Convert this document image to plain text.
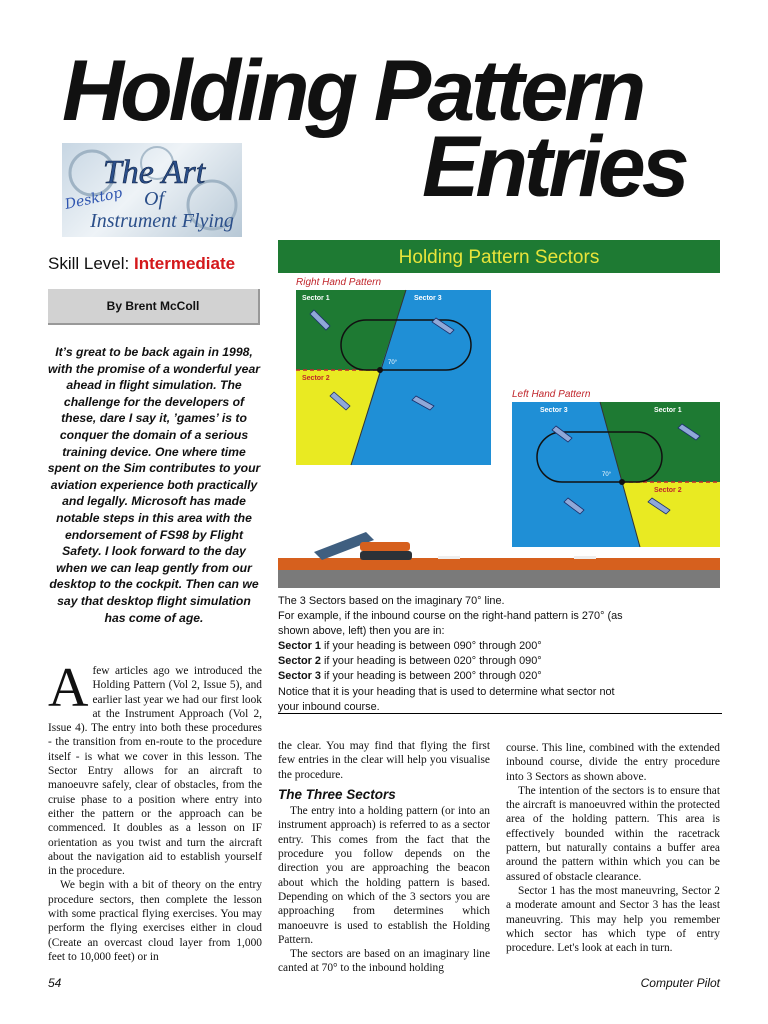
Holding Pattern
Entries
The Art
Of
Instrument Flying
Desktop
Skill Level: Intermediate
By Brent McColl
It’s great to be back again in 1998, with the promise of a wonderful year ahead in flight simulation. The challenge for the developers of these, dare I say it, ’games’ is to conquer the domain of a serious training device. One where time spent on the Sim contributes to your aviation experience both practically and legally. Microsoft has made notable steps in this area with the endorsement of FS98 by Flight Safety. I look forward to the day when we can leap gently from our desktop to the cockpit. Then can we say that desktop flight simulation has come of age.
Holding Pattern Sectors
Right Hand Pattern
Sector 1	Sector 3
Sector 2
70°
Left Hand Pattern
Sector 3	Sector 1
Sector 2
70°
The 3 Sectors based on the imaginary 70° line.
For example, if the inbound course on the right-hand pattern is 270° (as
shown above, left) then you are in:
Sector 1 if your heading is between 090° through 200°
Sector 2 if your heading is between 020° through 090°
Sector 3 if your heading is between 200° through 020°
Notice that it is your heading that is used to determine what sector not
your inbound course.
A few articles ago we introduced the Holding Pattern (Vol 2, Issue 5), and earlier last year we had our first look at the Instrument Approach (Vol 2, Issue 4). The entry into both these procedures - the transition from en-route to the procedure itself - is what we cover in this lesson. The Sector Entry allows for an aircraft to manoeuvre safely, clear of obstacles, from the cruise phase to a position where entry into either the pattern or the approach can be commenced. It doubles as a lesson on IF orientation as you twist and turn the aircraft about the navigation aid to establish yourself in the procedure.

We begin with a bit of theory on the entry procedure sectors, then complete the lesson with some practical flying exercises. You may perform the flying exercises either in cloud (Create an overcast cloud layer from 1,000 feet to 10,000 feet) or in

the clear. You may find that flying the first few entries in the clear will help you visualise the procedure.

The Three Sectors

The entry into a holding pattern (or into an instrument approach) is referred to as a sector entry. This comes from the fact that the procedure you follow depends on the direction you are approaching the beacon about which the holding pattern is based. Depending on which of the 3 sectors you are approaching from determines which manoeuvre is used to establish the Holding Pattern.

The sectors are based on an imaginary line canted at 70° to the inbound holding

course. This line, combined with the extended inbound course, divide the entry procedure into 3 Sectors as shown above.

The intention of the sectors is to ensure that the aircraft is manoeuvred within the protected area of the holding pattern. This area is effectively bounded within the racetrack pattern, but naturally contains a buffer area around the pattern within which you can be assured of obstacle clearance.

Sector 1 has the most maneuvring, Sector 2 a moderate amount and Sector 3 has the least maneuvring. This may help you remember which sector has which type of entry procedure. Let's look at each in turn.

54	Computer Pilot
